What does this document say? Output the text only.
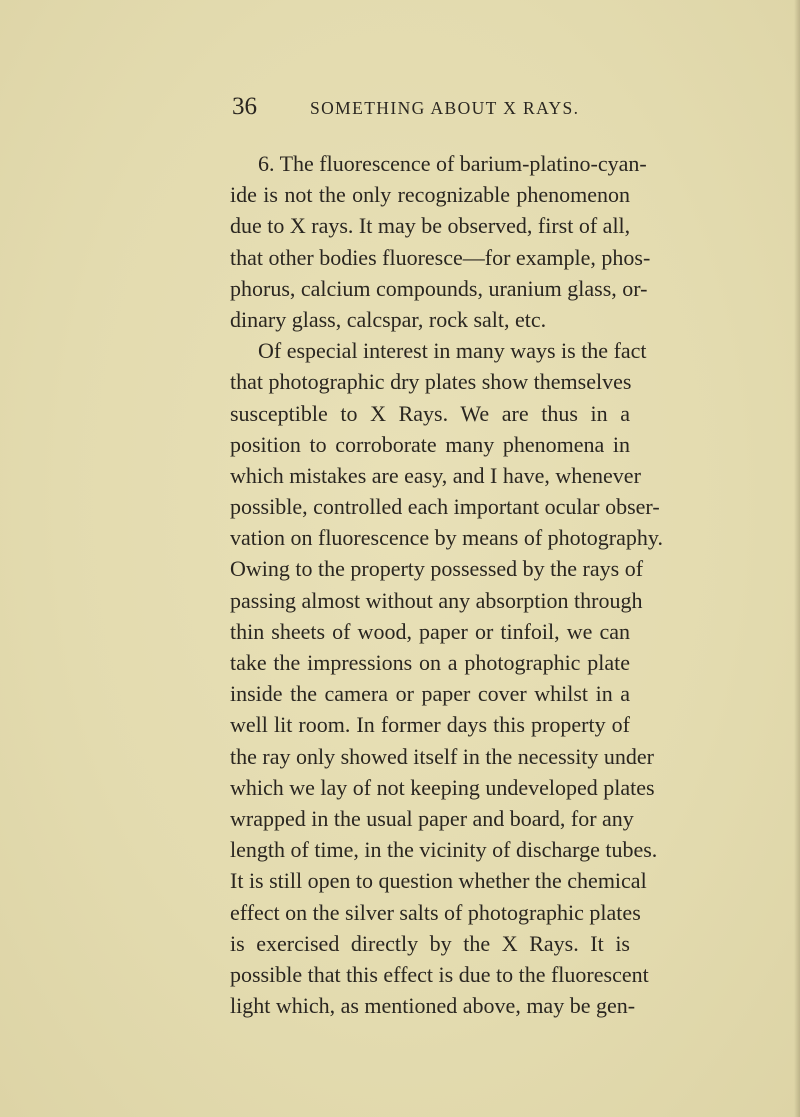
36	SOMETHING ABOUT X RAYS.
6. The fluorescence of barium-platino-cyan-
ide is not the only recognizable phenomenon
due to X rays. It may be observed, first of all,
that other bodies fluoresce—for example, phos-
phorus, calcium compounds, uranium glass, or-
dinary glass, calcspar, rock salt, etc.
Of especial interest in many ways is the fact
that photographic dry plates show themselves
susceptible to X Rays. We are thus in a
position to corroborate many phenomena in
which mistakes are easy, and I have, whenever
possible, controlled each important ocular obser-
vation on fluorescence by means of photography.
Owing to the property possessed by the rays of
passing almost without any absorption through
thin sheets of wood, paper or tinfoil, we can
take the impressions on a photographic plate
inside the camera or paper cover whilst in a
well lit room. In former days this property of
the ray only showed itself in the necessity under
which we lay of not keeping undeveloped plates
wrapped in the usual paper and board, for any
length of time, in the vicinity of discharge tubes.
It is still open to question whether the chemical
effect on the silver salts of photographic plates
is exercised directly by the X Rays. It is
possible that this effect is due to the fluorescent
light which, as mentioned above, may be gen-
